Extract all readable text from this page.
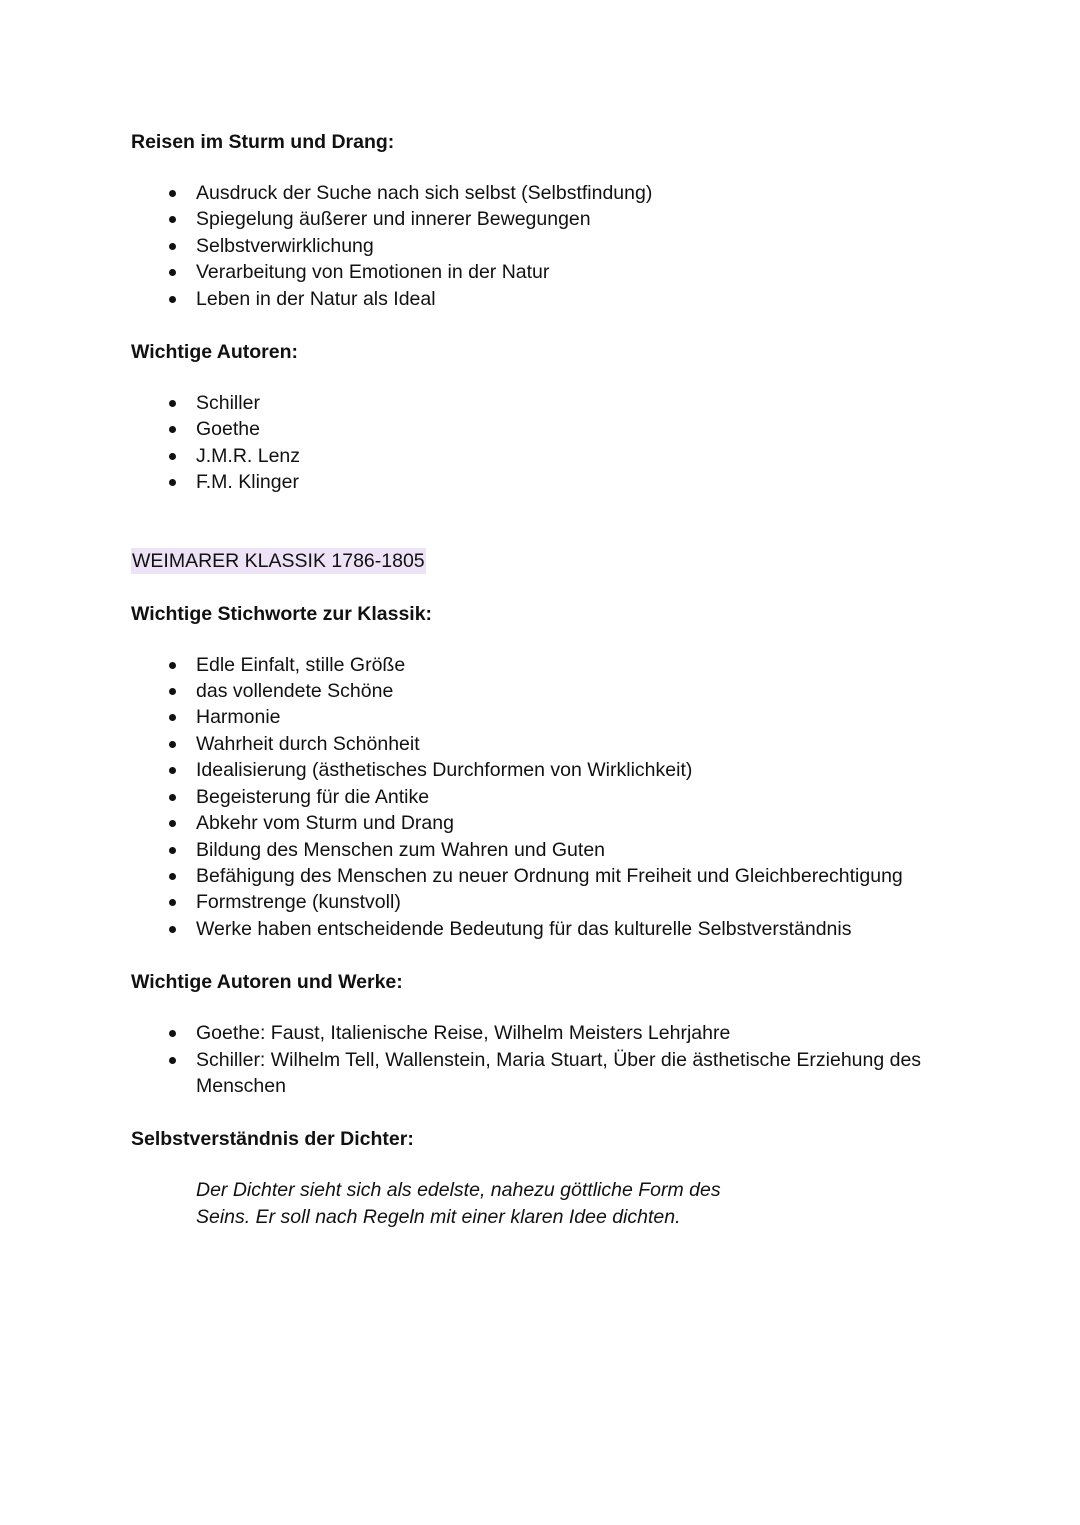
Reisen im Sturm und Drang:

Ausdruck der Suche nach sich selbst (Selbstfindung)
Spiegelung äußerer und innerer Bewegungen
Selbstverwirklichung
Verarbeitung von Emotionen in der Natur
Leben in der Natur als Ideal

Wichtige Autoren:

Schiller
Goethe
J.M.R. Lenz
F.M. Klinger
WEIMARER KLASSIK 1786-1805

Wichtige Stichworte zur Klassik:

Edle Einfalt, stille Größe
das vollendete Schöne
Harmonie
Wahrheit durch Schönheit
Idealisierung (ästhetisches Durchformen von Wirklichkeit)
Begeisterung für die Antike
Abkehr vom Sturm und Drang
Bildung des Menschen zum Wahren und Guten
Befähigung des Menschen zu neuer Ordnung mit Freiheit und Gleichberechtigung
Formstrenge (kunstvoll)
Werke haben entscheidende Bedeutung für das kulturelle Selbstverständnis

Wichtige Autoren und Werke:

Goethe: Faust, Italienische Reise, Wilhelm Meisters Lehrjahre
Schiller: Wilhelm Tell, Wallenstein, Maria Stuart, Über die ästhetische Erziehung des Menschen

Selbstverständnis der Dichter:

Der Dichter sieht sich als edelste, nahezu göttliche Form des Seins. Er soll nach Regeln mit einer klaren Idee dichten.
